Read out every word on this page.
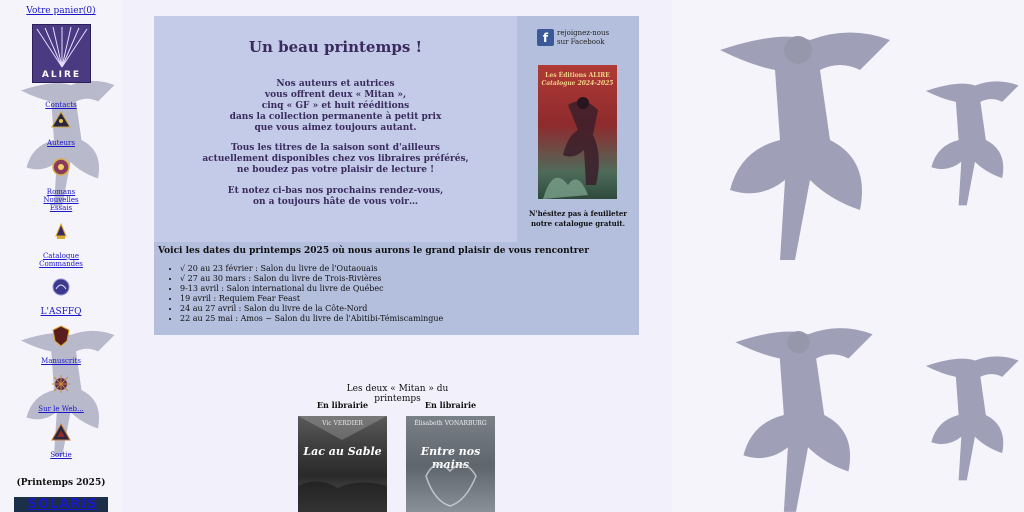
Votre panier(0)
ALIRE
Contacts
Auteurs
Romans
Nouvelles
Essais
Catalogue
Commandes
L'ASFFQ
Manuscrits
Sur le Web...
Sortie
(Printemps 2025)
SOLARIS
Un beau printemps !

Nos auteurs et autrices
vous offrent deux « Mitan »,
cinq « GF » et huit rééditions
dans la collection permanente à petit prix
que vous aimez toujours autant.

Tous les titres de la saison sont d'ailleurs
actuellement disponibles chez vos libraires préférés,
ne boudez pas votre plaisir de lecture !

Et notez ci-bas nos prochains rendez-vous,
on a toujours hâte de vous voir…

f	rejoignez-nous
sur Facebook
Les Éditions ALIRE
Catalogue 2024-2025
N'hésitez pas à feuilleter
notre catalogue gratuit.
Voici les dates du printemps 2025 où nous aurons le grand plaisir de vous rencontrer
• √ 20 au 23 février : Salon du livre de l'Outaouais
• √ 27 au 30 mars : Salon du livre de Trois-Rivières
• 9-13 avril : Salon international du livre de Québec
• 19 avril : Requiem Fear Feast
• 24 au 27 avril : Salon du livre de la Côte-Nord
• 22 au 25 mai : Amos ~ Salon du livre de l'Abitibi-Témiscamingue
Les deux « Mitan » du printemps
En librairie	En librairie
Vic VERDIER
Lac au Sable
Élisabeth VONARBURG
Entre nos mains
